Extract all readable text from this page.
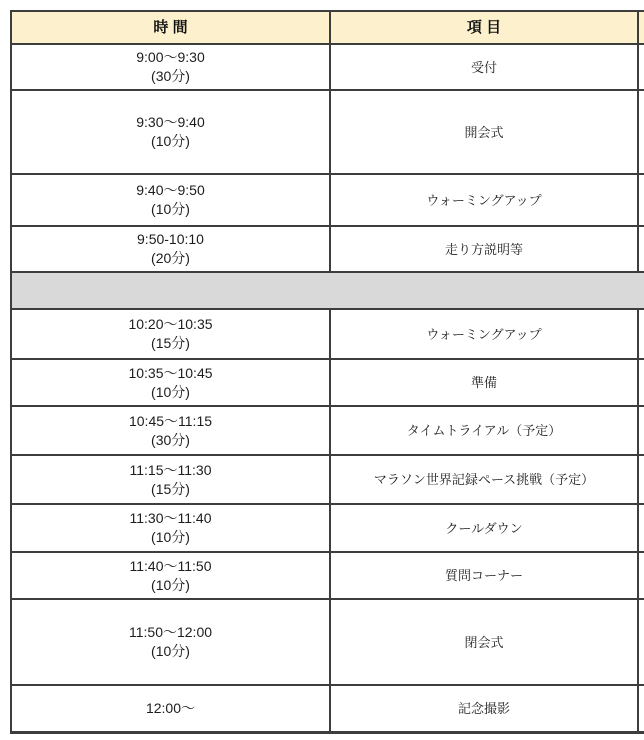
時 間	項 目
9:00～9:30
(30分)
受付
9:30～9:40
(10分)
開会式
9:40～9:50
(10分)
ウォーミングアップ
9:50-10:10
(20分)
走り方説明等
10:20～10:35
(15分)
ウォーミングアップ
10:35～10:45
(10分)
準備
10:45～11:15
(30分)
タイムトライアル（予定）
11:15～11:30
(15分)
マラソン世界記録ペース挑戦（予定）
11:30～11:40
(10分)
クールダウン
11:40～11:50
(10分)
質問コーナー
11:50～12:00
(10分)
閉会式
12:00～	記念撮影
